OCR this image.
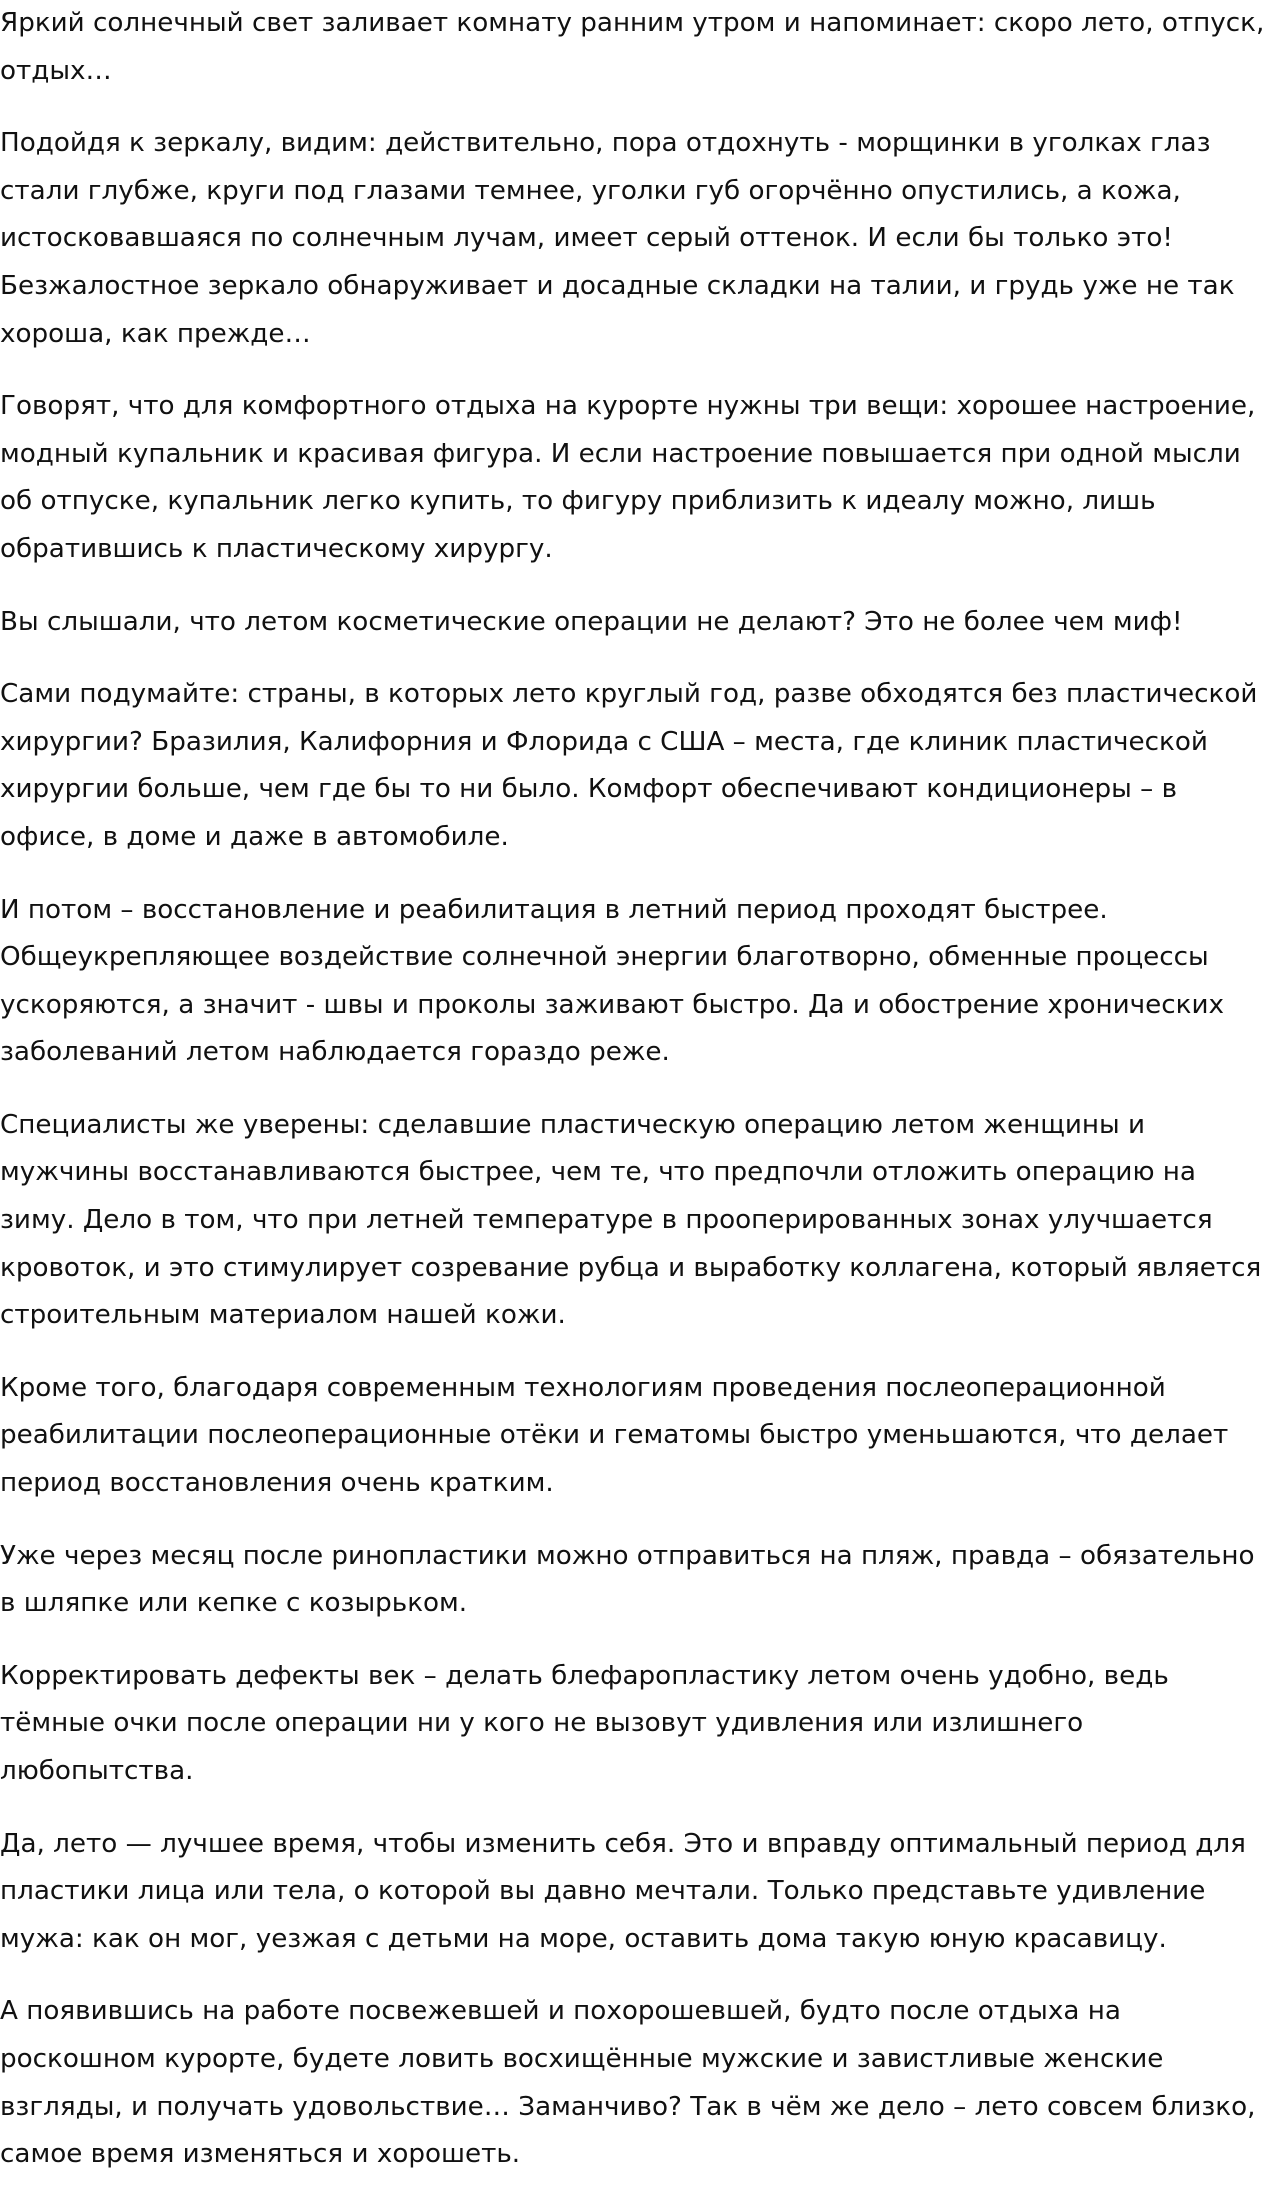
Яркий солнечный свет заливает комнату ранним утром и напоминает: скоро лето, отпуск, отдых…

Подойдя к зеркалу, видим: действительно, пора отдохнуть - морщинки в уголках глаз стали глубже, круги под глазами темнее, уголки губ огорчённо опустились, а кожа, истосковавшаяся по солнечным лучам, имеет серый оттенок. И если бы только это! Безжалостное зеркало обнаруживает и досадные складки на талии, и грудь уже не так хороша, как прежде…

Говорят, что для комфортного отдыха на курорте нужны три вещи: хорошее настроение, модный купальник и красивая фигура. И если настроение повышается при одной мысли об отпуске, купальник легко купить, то фигуру приблизить к идеалу можно, лишь обратившись к пластическому хирургу.

Вы слышали, что летом косметические операции не делают? Это не более чем миф!

Сами подумайте: страны, в которых лето круглый год, разве обходятся без пластической хирургии? Бразилия, Калифорния и Флорида с США – места, где клиник пластической хирургии больше, чем где бы то ни было. Комфорт обеспечивают кондиционеры – в офисе, в доме и даже в автомобиле.

И потом – восстановление и реабилитация в летний период проходят быстрее. Общеукрепляющее воздействие солнечной энергии благотворно, обменные процессы ускоряются, а значит - швы и проколы заживают быстро. Да и обострение хронических заболеваний летом наблюдается гораздо реже.

Специалисты же уверены: сделавшие пластическую операцию летом женщины и мужчины восстанавливаются быстрее, чем те, что предпочли отложить операцию на зиму. Дело в том, что при летней температуре в прооперированных зонах улучшается кровоток, и это стимулирует созревание рубца и выработку коллагена, который является строительным материалом нашей кожи.

Кроме того, благодаря современным технологиям проведения послеоперационной реабилитации послеоперационные отёки и гематомы быстро уменьшаются, что делает период восстановления очень кратким.

Уже через месяц после ринопластики можно отправиться на пляж, правда – обязательно в шляпке или кепке с козырьком.

Корректировать дефекты век – делать блефаропластику летом очень удобно, ведь тёмные очки после операции ни у кого не вызовут удивления или излишнего любопытства.

Да, лето — лучшее время, чтобы изменить себя. Это и вправду оптимальный период для пластики лица или тела, о которой вы давно мечтали. Только представьте удивление мужа: как он мог, уезжая с детьми на море, оставить дома такую юную красавицу.

А появившись на работе посвежевшей и похорошевшей, будто после отдыха на роскошном курорте, будете ловить восхищённые мужские и завистливые женские взгляды, и получать удовольствие… Заманчиво? Так в чём же дело – лето совсем близко, самое время изменяться и хорошеть.
